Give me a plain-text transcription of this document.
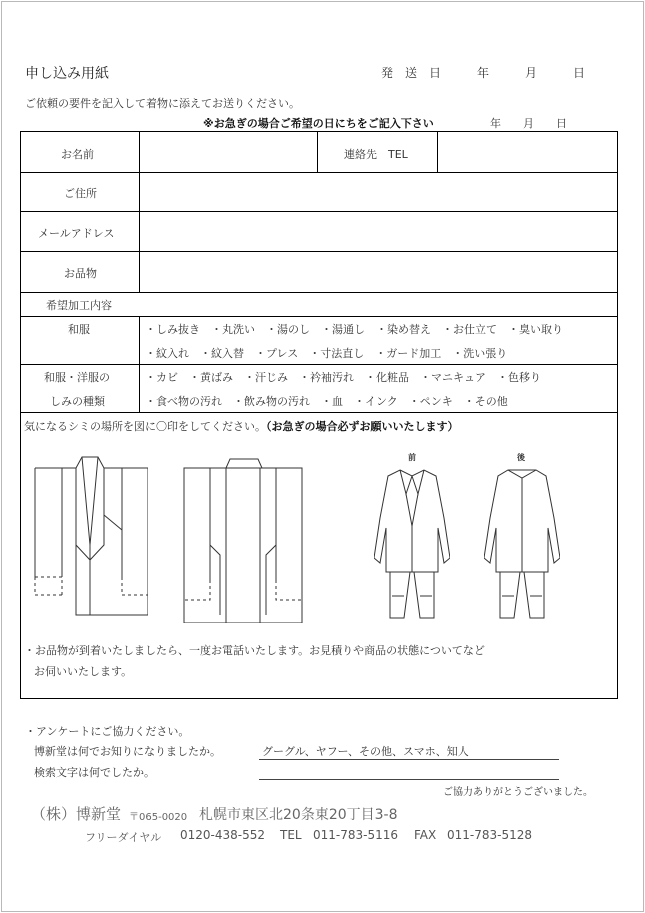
申し込み用紙	発　送　日　　　年　　　月　　　日
ご依頼の要件を記入して着物に添えてお送りください。
※お急ぎの場合ご希望の日にちをご記入下さい	年　　月　　日
お名前	連絡先　TEL
ご住所
メールアドレス
お品物
希望加工内容
和服	・しみ抜き　・丸洗い　・湯のし　・湯通し　・染め替え　・お仕立て　・臭い取り
・紋入れ　・紋入替　・プレス　・寸法直し　・ガード加工　・洗い張り
和服・洋服の
しみの種類
・カビ　・黄ばみ　・汗じみ　・衿袖汚れ　・化粧品　・マニキュア　・色移り
・食べ物の汚れ　・飲み物の汚れ　・血　・インク　・ペンキ　・その他
気になるシミの場所を図に〇印をしてください。（お急ぎの場合必ずお願いいたします）
前	後
・お品物が到着いたしましたら、一度お電話いたします。お見積りや商品の状態についてなど
お伺いいたします。
・アンケートにご協力ください。
博新堂は何でお知りになりましたか。	グーグル、ヤフー、その他、スマホ、知人
検索文字は何でしたか。
ご協力ありがとうございました。
（株）博新堂 〒065-0020 札幌市東区北20条東20丁目3-8
フリーダイヤル 0120-438-552 TEL 011-783-5116 FAX 011-783-5128
